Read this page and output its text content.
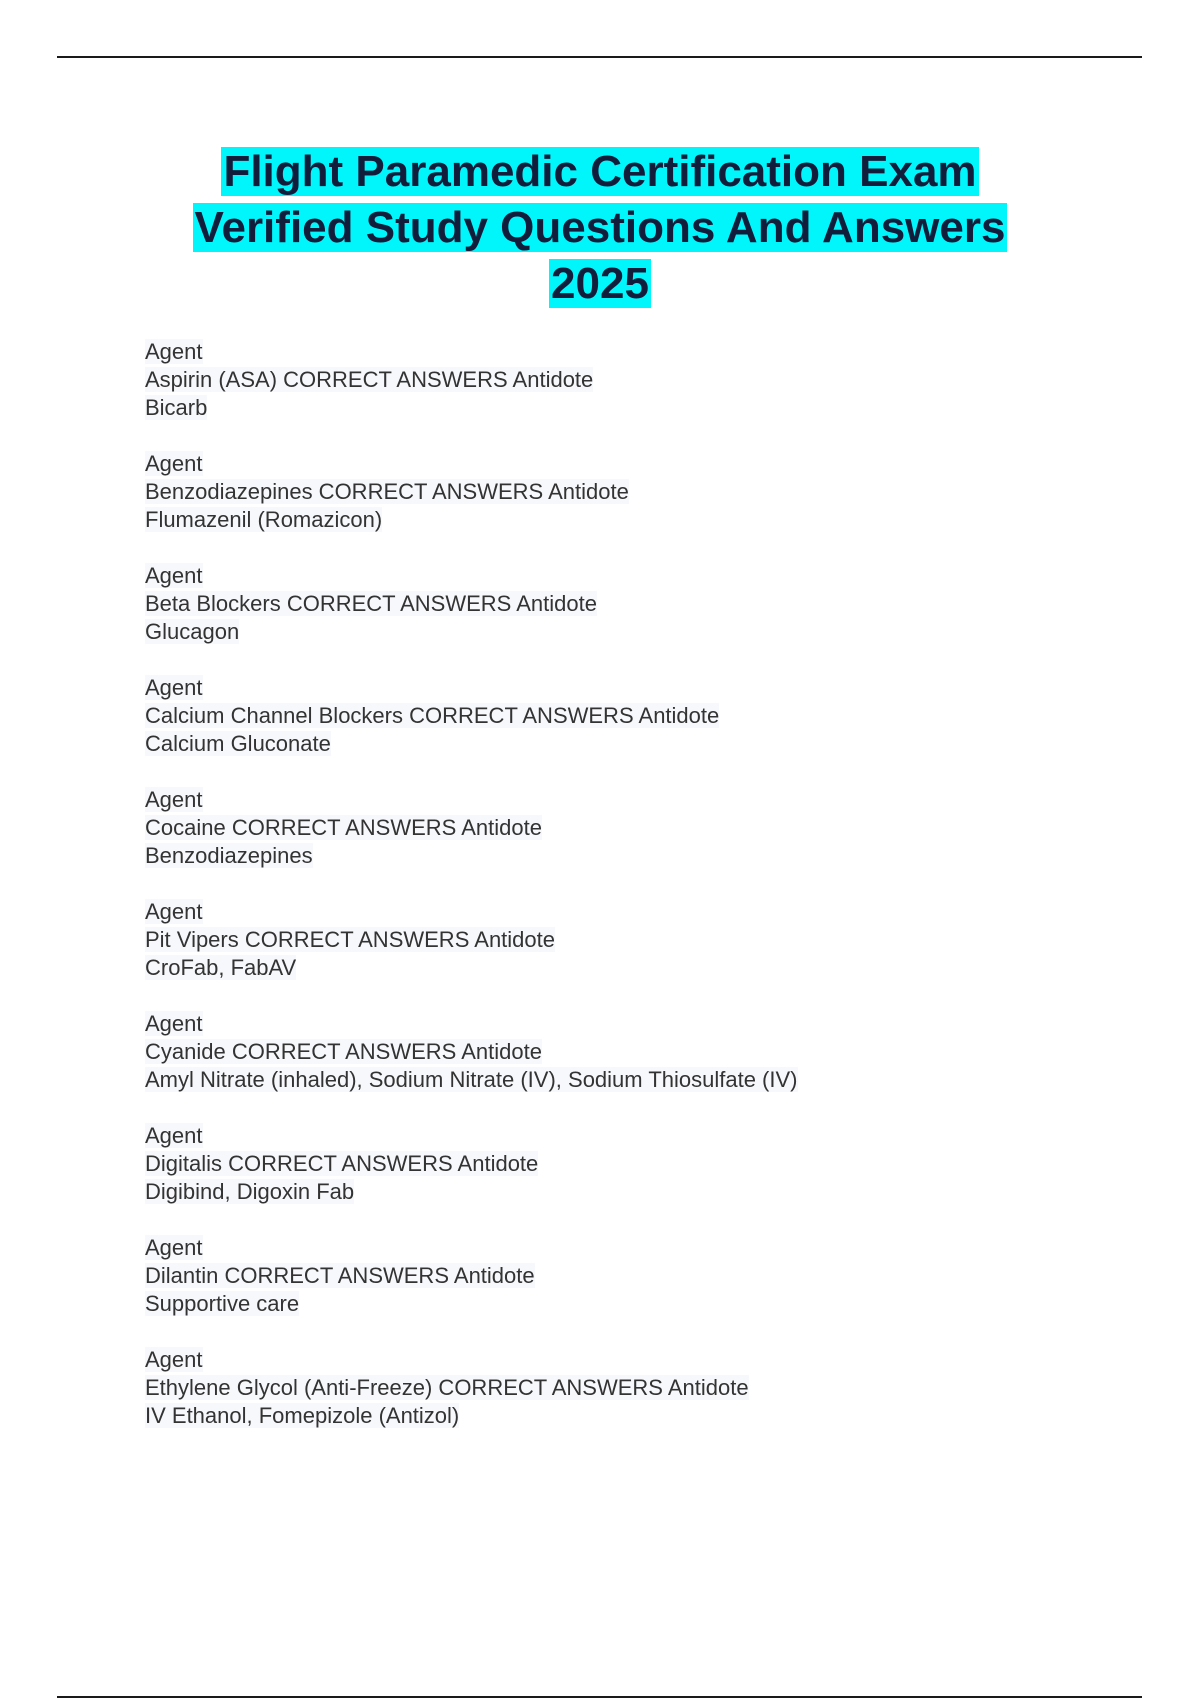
Flight Paramedic Certification Exam
Verified Study Questions And Answers
2025
Agent
Aspirin (ASA) CORRECT ANSWERS Antidote
Bicarb
Agent
Benzodiazepines CORRECT ANSWERS Antidote
Flumazenil (Romazicon)
Agent
Beta Blockers CORRECT ANSWERS Antidote
Glucagon
Agent
Calcium Channel Blockers CORRECT ANSWERS Antidote
Calcium Gluconate
Agent
Cocaine CORRECT ANSWERS Antidote
Benzodiazepines
Agent
Pit Vipers CORRECT ANSWERS Antidote
CroFab, FabAV
Agent
Cyanide CORRECT ANSWERS Antidote
Amyl Nitrate (inhaled), Sodium Nitrate (IV), Sodium Thiosulfate (IV)
Agent
Digitalis CORRECT ANSWERS Antidote
Digibind, Digoxin Fab
Agent
Dilantin CORRECT ANSWERS Antidote
Supportive care
Agent
Ethylene Glycol (Anti-Freeze) CORRECT ANSWERS Antidote
IV Ethanol, Fomepizole (Antizol)
